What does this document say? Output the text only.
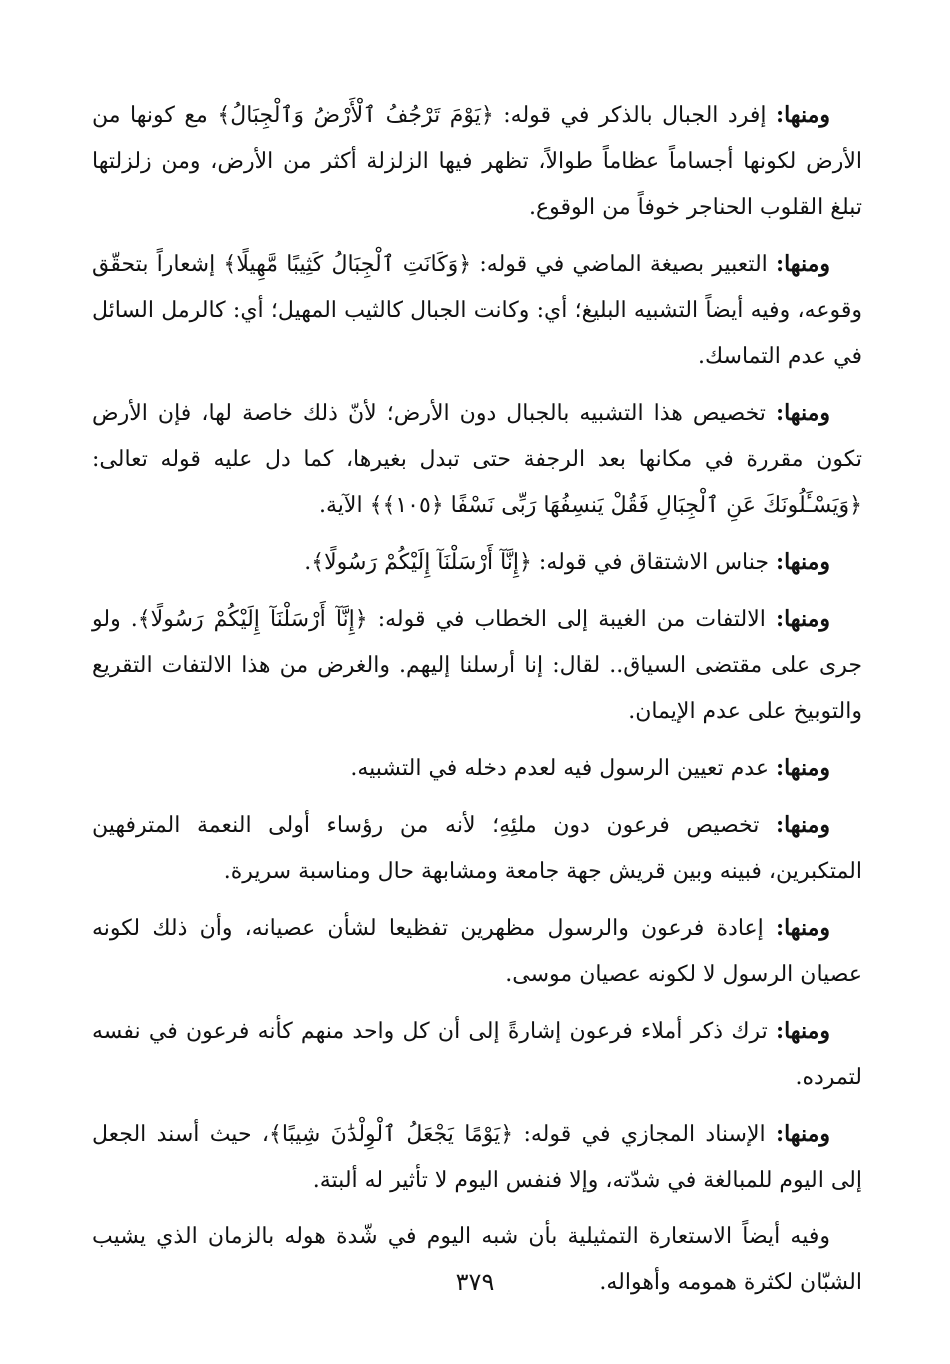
ومنها: إفرد الجبال بالذكر في قوله: ﴿يَوْمَ تَرْجُفُ ٱلْأَرْضُ وَٱلْجِبَالُ﴾ مع كونها من الأرض لكونها أجساماً عظاماً طوالاً، تظهر فيها الزلزلة أكثر من الأرض، ومن زلزلتها تبلغ القلوب الحناجر خوفاً من الوقوع.

ومنها: التعبير بصيغة الماضي في قوله: ﴿وَكَانَتِ ٱلْجِبَالُ كَثِيبًا مَّهِيلًا﴾ إشعاراً بتحقّق وقوعه، وفيه أيضاً التشبيه البليغ؛ أي: وكانت الجبال كالثيب المهيل؛ أي: كالرمل السائل في عدم التماسك.

ومنها: تخصيص هذا التشبيه بالجبال دون الأرض؛ لأنّ ذلك خاصة لها، فإن الأرض تكون مقررة في مكانها بعد الرجفة حتى تبدل بغيرها، كما دل عليه قوله تعالى: ﴿وَيَسْـَٔلُونَكَ عَنِ ٱلْجِبَالِ فَقُلْ يَنسِفُهَا رَبِّى نَسْفًا ﴿١٠٥﴾﴾ الآية.

ومنها: جناس الاشتقاق في قوله: ﴿إِنَّآ أَرْسَلْنَآ إِلَيْكُمْ رَسُولًا﴾.

ومنها: الالتفات من الغيبة إلى الخطاب في قوله: ﴿إِنَّآ أَرْسَلْنَآ إِلَيْكُمْ رَسُولًا﴾. ولو جرى على مقتضى السياق.. لقال: إنا أرسلنا إليهم. والغرض من هذا الالتفات التقريع والتوبيخ على عدم الإيمان.

ومنها: عدم تعيين الرسول فيه لعدم دخله في التشبيه.

ومنها: تخصيص فرعون دون ملئِهِ؛ لأنه من رؤساء أولى النعمة المترفهين المتكبرين، فبينه وبين قريش جهة جامعة ومشابهة حال ومناسبة سريرة.

ومنها: إعادة فرعون والرسول مظهرين تفظيعا لشأن عصيانه، وأن ذلك لكونه عصيان الرسول لا لكونه عصيان موسى.

ومنها: ترك ذكر أملاء فرعون إشارةً إلى أن كل واحد منهم كأنه فرعون في نفسه لتمرده.

ومنها: الإسناد المجازي في قوله: ﴿يَوْمًا يَجْعَلُ ٱلْوِلْدَٰنَ شِيبًا﴾، حيث أسند الجعل إلى اليوم للمبالغة في شدّته، وإلا فنفس اليوم لا تأثير له ألبتة.

وفيه أيضاً الاستعارة التمثيلية بأن شبه اليوم في شّدة هوله بالزمان الذي يشيب الشبّان لكثرة همومه وأهواله.

٣٧٩
